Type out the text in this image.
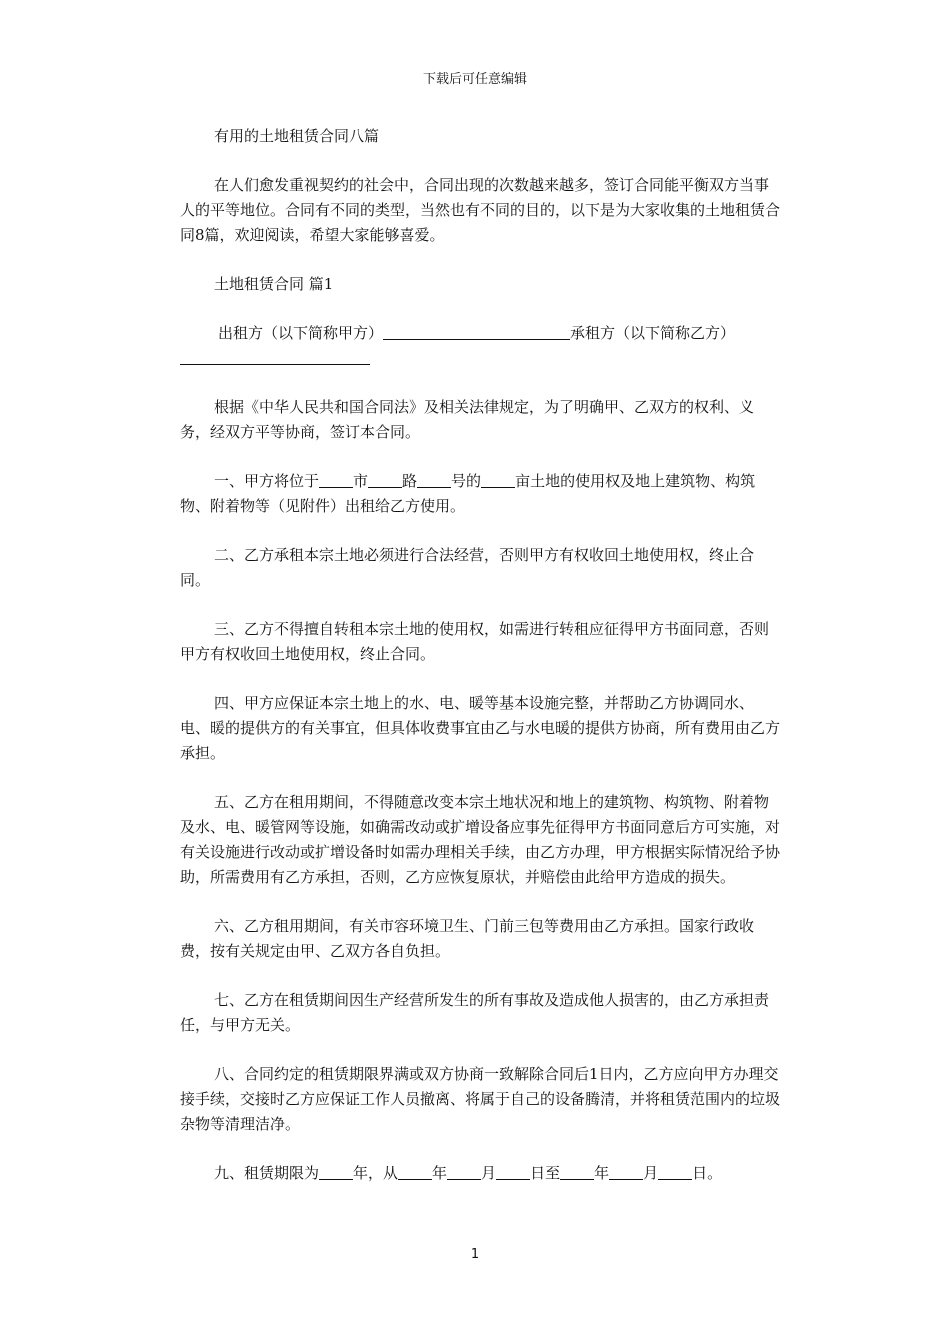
下载后可任意编辑

有用的土地租赁合同八篇

在人们愈发重视契约的社会中，合同出现的次数越来越多，签订合同能平衡双方当事人的平等地位。合同有不同的类型，当然也有不同的目的，以下是为大家收集的土地租赁合同8篇，欢迎阅读，希望大家能够喜爱。

土地租赁合同 篇1

出租方（以下简称甲方）	承租方（以下简称乙方）

根据《中华人民共和国合同法》及相关法律规定，为了明确甲、乙双方的权利、义务，经双方平等协商，签订本合同。

一、甲方将位于 市 路 号的 亩土地的使用权及地上建筑物、构筑物、附着物等（见附件）出租给乙方使用。

二、乙方承租本宗土地必须进行合法经营，否则甲方有权收回土地使用权，终止合同。

三、乙方不得擅自转租本宗土地的使用权，如需进行转租应征得甲方书面同意，否则甲方有权收回土地使用权，终止合同。

四、甲方应保证本宗土地上的水、电、暖等基本设施完整，并帮助乙方协调同水、电、暖的提供方的有关事宜，但具体收费事宜由乙与水电暖的提供方协商，所有费用由乙方承担。

五、乙方在租用期间，不得随意改变本宗土地状况和地上的建筑物、构筑物、附着物及水、电、暖管网等设施，如确需改动或扩增设备应事先征得甲方书面同意后方可实施，对有关设施进行改动或扩增设备时如需办理相关手续，由乙方办理，甲方根据实际情况给予协助，所需费用有乙方承担，否则，乙方应恢复原状，并赔偿由此给甲方造成的损失。

六、乙方租用期间，有关市容环境卫生、门前三包等费用由乙方承担。国家行政收费，按有关规定由甲、乙双方各自负担。

七、乙方在租赁期间因生产经营所发生的所有事故及造成他人损害的，由乙方承担责任，与甲方无关。

八、合同约定的租赁期限界满或双方协商一致解除合同后1日内，乙方应向甲方办理交接手续，交接时乙方应保证工作人员撤离、将属于自己的设备腾清，并将租赁范围内的垃圾杂物等清理洁净。

九、租赁期限为 年，从 年 月 日至 年 月 日。

1
